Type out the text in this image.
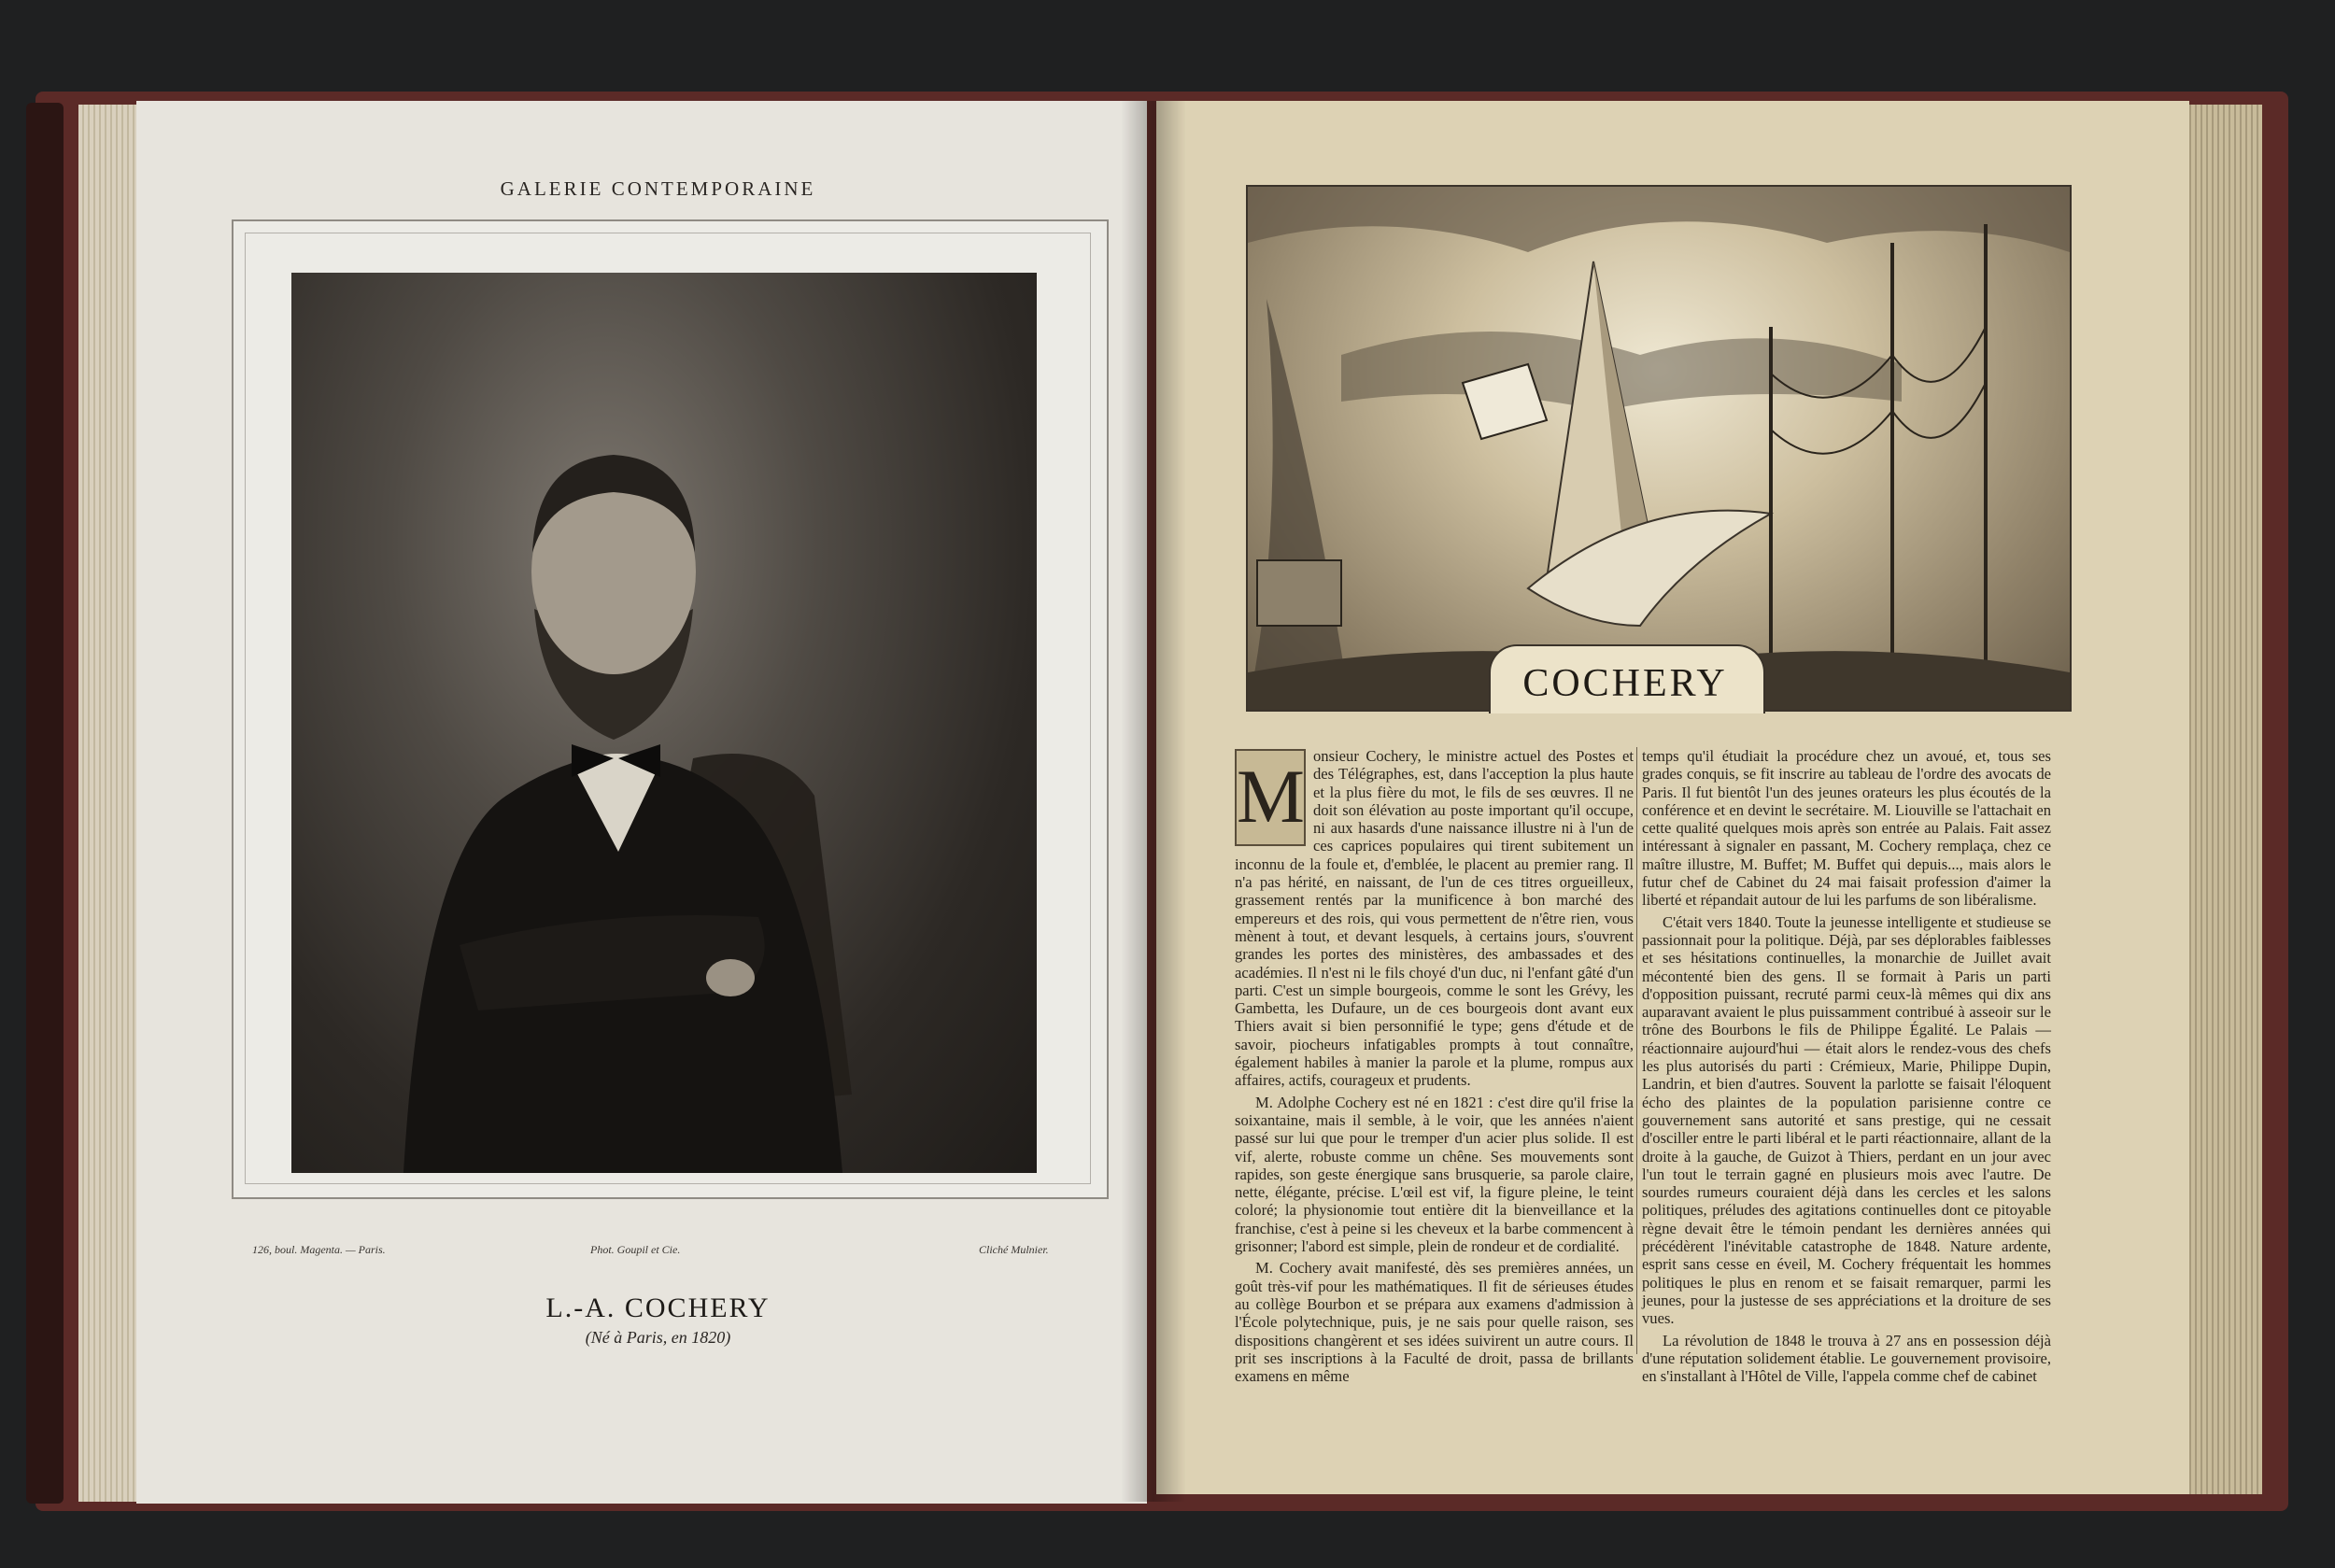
GALERIE CONTEMPORAINE
126, boul. Magenta. — Paris.	Phot. Goupil et Cie.	Cliché Mulnier.
L.-A. COCHERY
(Né à Paris, en 1820)
COCHERY
M onsieur Cochery, le ministre actuel des Postes et des Télégraphes, est, dans l'acception la plus haute et la plus fière du mot, le fils de ses œuvres. Il ne doit son élévation au poste important qu'il occupe, ni aux hasards d'une naissance illustre ni à l'un de ces caprices populaires qui tirent subitement un inconnu de la foule et, d'emblée, le placent au premier rang. Il n'a pas hérité, en naissant, de l'un de ces titres orgueilleux, grassement rentés par la munificence à bon marché des empereurs et des rois, qui vous permettent de n'être rien, vous mènent à tout, et devant lesquels, à certains jours, s'ouvrent grandes les portes des ministères, des ambassades et des académies. Il n'est ni le fils choyé d'un duc, ni l'enfant gâté d'un parti. C'est un simple bourgeois, comme le sont les Grévy, les Gambetta, les Dufaure, un de ces bourgeois dont avant eux Thiers avait si bien personnifié le type; gens d'étude et de savoir, piocheurs infatigables prompts à tout connaître, également habiles à manier la parole et la plume, rompus aux affaires, actifs, courageux et prudents.

M. Adolphe Cochery est né en 1821 : c'est dire qu'il frise la soixantaine, mais il semble, à le voir, que les années n'aient passé sur lui que pour le tremper d'un acier plus solide. Il est vif, alerte, robuste comme un chêne. Ses mouvements sont rapides, son geste énergique sans brusquerie, sa parole claire, nette, élégante, précise. L'œil est vif, la figure pleine, le teint coloré; la physionomie tout entière dit la bienveillance et la franchise, c'est à peine si les cheveux et la barbe commencent à grisonner; l'abord est simple, plein de rondeur et de cordialité.

M. Cochery avait manifesté, dès ses premières années, un goût très-vif pour les mathématiques. Il fit de sérieuses études au collège Bourbon et se prépara aux examens d'admission à l'École polytechnique, puis, je ne sais pour quelle raison, ses dispositions changèrent et ses idées suivirent un autre cours. Il prit ses inscriptions à la Faculté de droit, passa de brillants examens en même

temps qu'il étudiait la procédure chez un avoué, et, tous ses grades conquis, se fit inscrire au tableau de l'ordre des avocats de Paris. Il fut bientôt l'un des jeunes orateurs les plus écoutés de la conférence et en devint le secrétaire. M. Liouville se l'attachait en cette qualité quelques mois après son entrée au Palais. Fait assez intéressant à signaler en passant, M. Cochery remplaça, chez ce maître illustre, M. Buffet; M. Buffet qui depuis..., mais alors le futur chef de Cabinet du 24 mai faisait profession d'aimer la liberté et répandait autour de lui les parfums de son libéralisme.

C'était vers 1840. Toute la jeunesse intelligente et studieuse se passionnait pour la politique. Déjà, par ses déplorables faiblesses et ses hésitations continuelles, la monarchie de Juillet avait mécontenté bien des gens. Il se formait à Paris un parti d'opposition puissant, recruté parmi ceux-là mêmes qui dix ans auparavant avaient le plus puissamment contribué à asseoir sur le trône des Bourbons le fils de Philippe Égalité. Le Palais — réactionnaire aujourd'hui — était alors le rendez-vous des chefs les plus autorisés du parti : Crémieux, Marie, Philippe Dupin, Landrin, et bien d'autres. Souvent la parlotte se faisait l'éloquent écho des plaintes de la population parisienne contre ce gouvernement sans autorité et sans prestige, qui ne cessait d'osciller entre le parti libéral et le parti réactionnaire, allant de la droite à la gauche, de Guizot à Thiers, perdant en un jour avec l'un tout le terrain gagné en plusieurs mois avec l'autre. De sourdes rumeurs couraient déjà dans les cercles et les salons politiques, préludes des agitations continuelles dont ce pitoyable règne devait être le témoin pendant les dernières années qui précédèrent l'inévitable catastrophe de 1848. Nature ardente, esprit sans cesse en éveil, M. Cochery fréquentait les hommes politiques le plus en renom et se faisait remarquer, parmi les jeunes, pour la justesse de ses appréciations et la droiture de ses vues.

La révolution de 1848 le trouva à 27 ans en possession déjà d'une réputation solidement établie. Le gouvernement provisoire, en s'installant à l'Hôtel de Ville, l'appela comme chef de cabinet
